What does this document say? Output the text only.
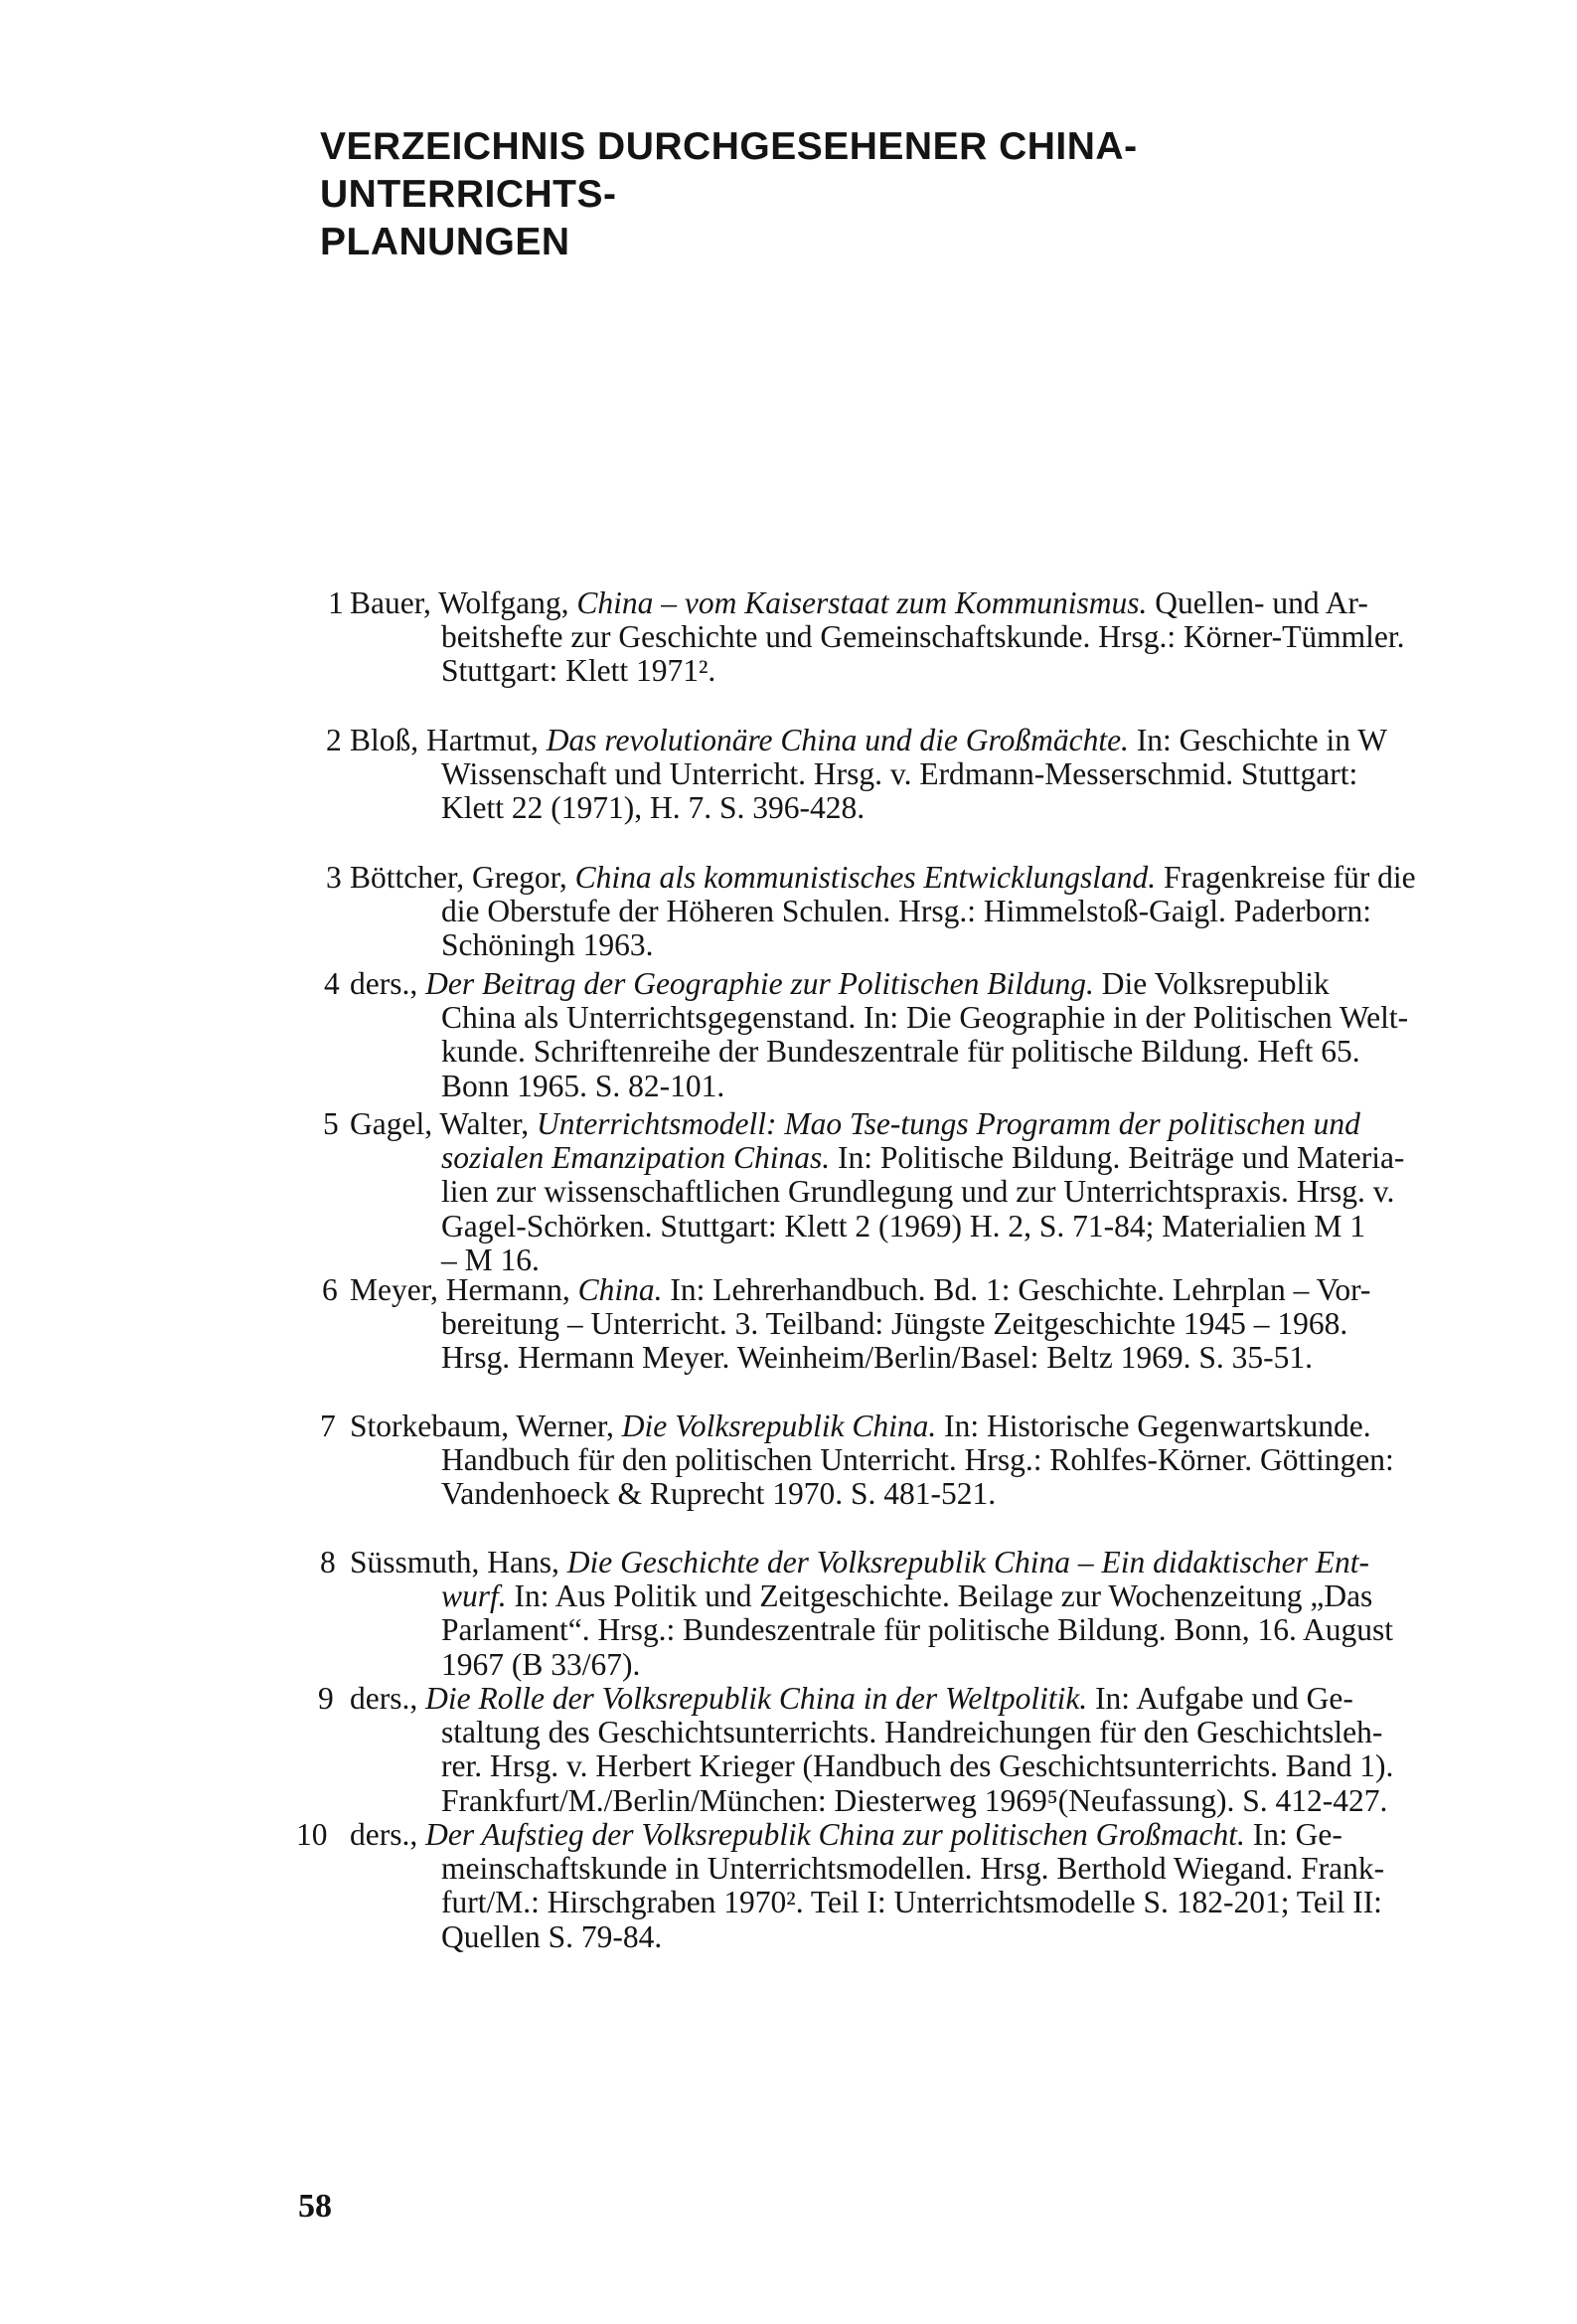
VERZEICHNIS DURCHGESEHENER CHINA-UNTERRICHTS-
PLANUNGEN
1 Bauer, Wolfgang, China – vom Kaiserstaat zum Kommunismus. Quellen- und Ar-
beitshefte zur Geschichte und Gemeinschaftskunde. Hrsg.: Körner-Tümmler.
Stuttgart: Klett 1971².
2 Bloß, Hartmut, Das revolutionäre China und die Großmächte. In: Geschichte in W
Wissenschaft und Unterricht. Hrsg. v. Erdmann-Messerschmid. Stuttgart:
Klett 22 (1971), H. 7. S. 396-428.
3 Böttcher, Gregor, China als kommunistisches Entwicklungsland. Fragenkreise für die
die Oberstufe der Höheren Schulen. Hrsg.: Himmelstoß-Gaigl. Paderborn:
Schöningh 1963.
4 ders., Der Beitrag der Geographie zur Politischen Bildung. Die Volksrepublik
China als Unterrichtsgegenstand. In: Die Geographie in der Politischen Welt-
kunde. Schriftenreihe der Bundeszentrale für politische Bildung. Heft 65.
Bonn 1965. S. 82-101.
5 Gagel, Walter, Unterrichtsmodell: Mao Tse-tungs Programm der politischen und
sozialen Emanzipation Chinas. In: Politische Bildung. Beiträge und Materia-
lien zur wissenschaftlichen Grundlegung und zur Unterrichtspraxis. Hrsg. v.
Gagel-Schörken. Stuttgart: Klett 2 (1969) H. 2, S. 71-84; Materialien M 1
– M 16.
6 Meyer, Hermann, China. In: Lehrerhandbuch. Bd. 1: Geschichte. Lehrplan – Vor-
bereitung – Unterricht. 3. Teilband: Jüngste Zeitgeschichte 1945 – 1968.
Hrsg. Hermann Meyer. Weinheim/Berlin/Basel: Beltz 1969. S. 35-51.
7 Storkebaum, Werner, Die Volksrepublik China. In: Historische Gegenwartskunde.
Handbuch für den politischen Unterricht. Hrsg.: Rohlfes-Körner. Göttingen:
Vandenhoeck & Ruprecht 1970. S. 481-521.
8 Süssmuth, Hans, Die Geschichte der Volksrepublik China – Ein didaktischer Ent-
wurf. In: Aus Politik und Zeitgeschichte. Beilage zur Wochenzeitung „Das
Parlament“. Hrsg.: Bundeszentrale für politische Bildung. Bonn, 16. August
1967 (B 33/67).
9 ders., Die Rolle der Volksrepublik China in der Weltpolitik. In: Aufgabe und Ge-
staltung des Geschichtsunterrichts. Handreichungen für den Geschichtsleh-
rer. Hrsg. v. Herbert Krieger (Handbuch des Geschichtsunterrichts. Band 1).
Frankfurt/M./Berlin/München: Diesterweg 1969⁵(Neufassung). S. 412-427.
10 ders., Der Aufstieg der Volksrepublik China zur politischen Großmacht. In: Ge-
meinschaftskunde in Unterrichtsmodellen. Hrsg. Berthold Wiegand. Frank-
furt/M.: Hirschgraben 1970². Teil I: Unterrichtsmodelle S. 182-201; Teil II:
Quellen S. 79-84.
58
